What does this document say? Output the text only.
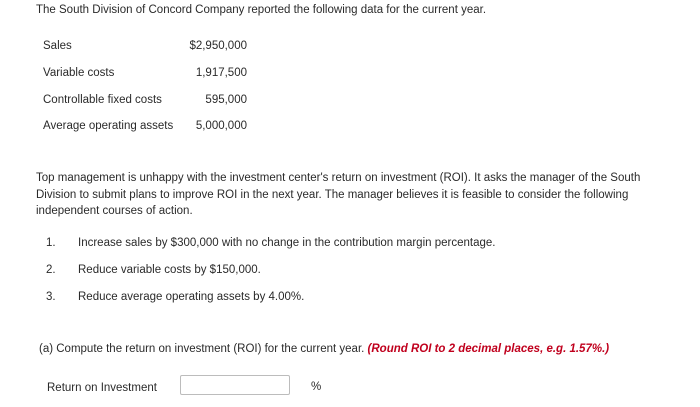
The South Division of Concord Company reported the following data for the current year.
Sales	$2,950,000
Variable costs	1,917,500
Controllable fixed costs	595,000
Average operating assets 5,000,000
Top management is unhappy with the investment center's return on investment (ROI). It asks the manager of the South Division to submit plans to improve ROI in the next year. The manager believes it is feasible to consider the following independent courses of action.
1. Increase sales by $300,000 with no change in the contribution margin percentage.
2. Reduce variable costs by $150,000.
3. Reduce average operating assets by 4.00%.
(a) Compute the return on investment (ROI) for the current year. (Round ROI to 2 decimal places, e.g. 1.57%.)
Return on Investment	%
